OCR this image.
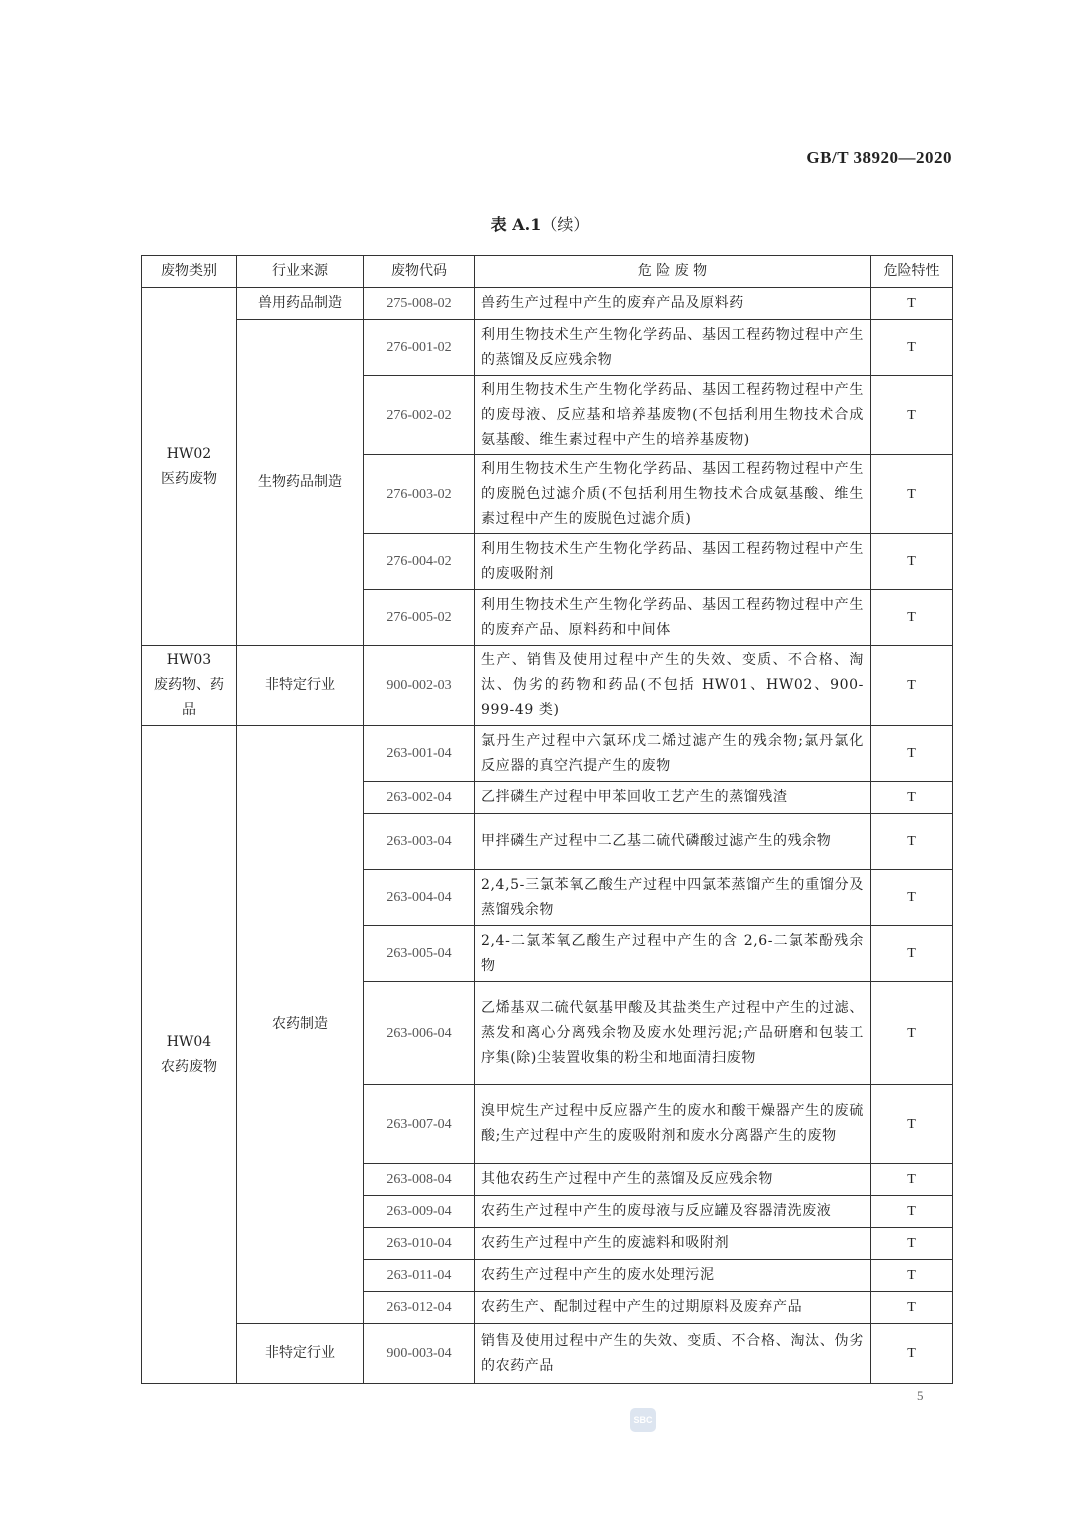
GB/T 38920—2020
表 A.1（续）
废物类别	行业来源	废物代码	危 险 废 物	危险特性

HW02
医药废物	兽用药品制造	275-008-02	兽药生产过程中产生的废弃产品及原料药	T
	生物药品制造	276-001-02	利用生物技术生产生物化学药品、基因工程药物过程中产生的蒸馏及反应残余物	T
		276-002-02	利用生物技术生产生物化学药品、基因工程药物过程中产生的废母液、反应基和培养基废物(不包括利用生物技术合成氨基酸、维生素过程中产生的培养基废物)	T
		276-003-02	利用生物技术生产生物化学药品、基因工程药物过程中产生的废脱色过滤介质(不包括利用生物技术合成氨基酸、维生素过程中产生的废脱色过滤介质)	T
		276-004-02	利用生物技术生产生物化学药品、基因工程药物过程中产生的废吸附剂	T
		276-005-02	利用生物技术生产生物化学药品、基因工程药物过程中产生的废弃产品、原料药和中间体	T

HW03
废药物、药品	非特定行业	900-002-03	生产、销售及使用过程中产生的失效、变质、不合格、淘汰、伪劣的药物和药品(不包括 HW01、HW02、900-999-49 类)	T

HW04
农药废物	农药制造	263-001-04	氯丹生产过程中六氯环戊二烯过滤产生的残余物;氯丹氯化反应器的真空汽提产生的废物	T
		263-002-04	乙拌磷生产过程中甲苯回收工艺产生的蒸馏残渣	T
		263-003-04	甲拌磷生产过程中二乙基二硫代磷酸过滤产生的残余物	T
		263-004-04	2,4,5-三氯苯氧乙酸生产过程中四氯苯蒸馏产生的重馏分及蒸馏残余物	T
		263-005-04	2,4-二氯苯氧乙酸生产过程中产生的含 2,6-二氯苯酚残余物	T
		263-006-04	乙烯基双二硫代氨基甲酸及其盐类生产过程中产生的过滤、蒸发和离心分离残余物及废水处理污泥;产品研磨和包装工序集(除)尘装置收集的粉尘和地面清扫废物	T
		263-007-04	溴甲烷生产过程中反应器产生的废水和酸干燥器产生的废硫酸;生产过程中产生的废吸附剂和废水分离器产生的废物	T
		263-008-04	其他农药生产过程中产生的蒸馏及反应残余物	T
		263-009-04	农药生产过程中产生的废母液与反应罐及容器清洗废液	T
		263-010-04	农药生产过程中产生的废滤料和吸附剂	T
		263-011-04	农药生产过程中产生的废水处理污泥	T
		263-012-04	农药生产、配制过程中产生的过期原料及废弃产品	T
	非特定行业	900-003-04	销售及使用过程中产生的失效、变质、不合格、淘汰、伪劣的农药产品	T
5
SBC
